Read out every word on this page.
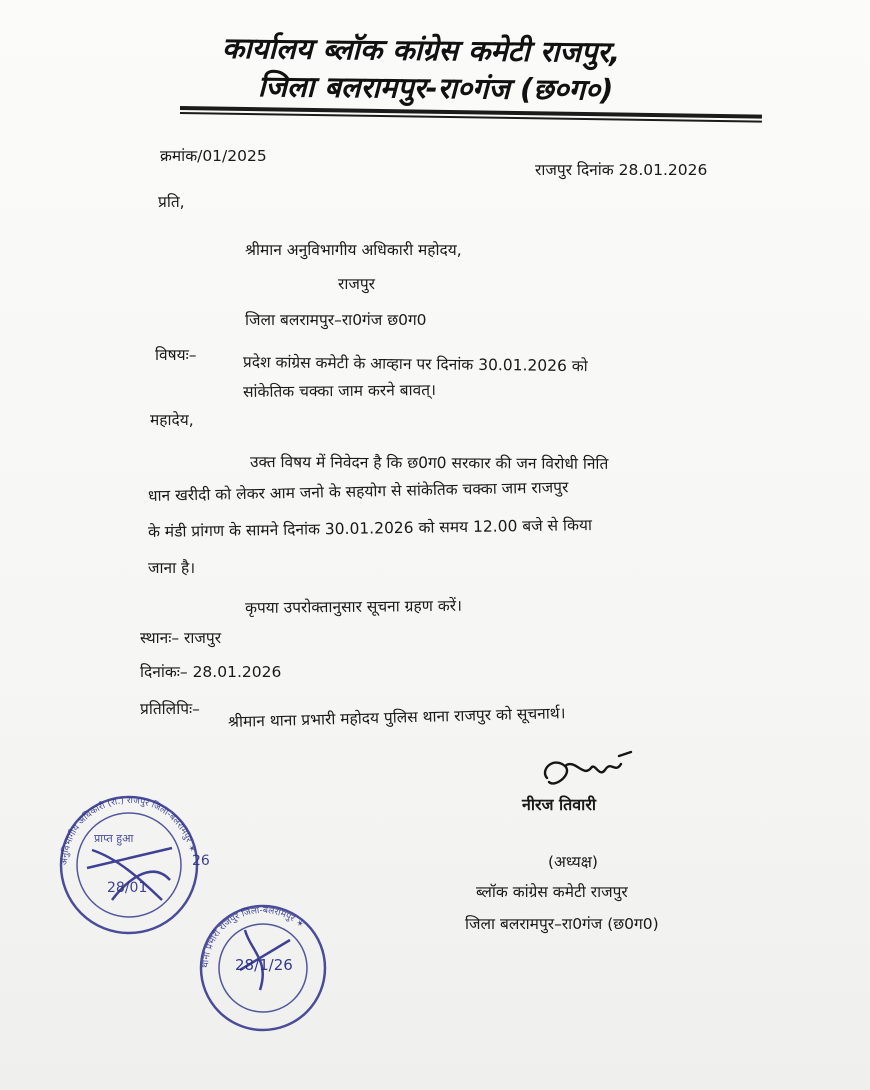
कार्यालय ब्लॉक कांग्रेस कमेटी राजपुर,
जिला बलरामपुर-रा०गंज (छ०ग०)
क्रमांक/01/2025
राजपुर दिनांक 28.01.2026
प्रति,
श्रीमान अनुविभागीय अधिकारी महोदय,
राजपुर
जिला बलरामपुर–रा0गंज छ0ग0
विषयः–	प्रदेश कांग्रेस कमेटी के आव्हान पर दिनांक 30.01.2026 को
सांकेतिक चक्का जाम करने बावत्।
महादेय,
उक्त विषय में निवेदन है कि छ0ग0 सरकार की जन विरोधी निति
धान खरीदी को लेकर आम जनो के सहयोग से सांकेतिक चक्का जाम राजपुर
के मंडी प्रांगण के सामने दिनांक 30.01.2026 को समय 12.00 बजे से किया
जाना है।
कृपया उपरोक्तानुसार सूचना ग्रहण करें।
स्थानः– राजपुर
दिनांकः– 28.01.2026
प्रतिलिपिः– श्रीमान थाना प्रभारी महोदय पुलिस थाना राजपुर को सूचनार्थ।
नीरज तिवारी
(अध्यक्ष)
ब्लॉक कांग्रेस कमेटी राजपुर
जिला बलरामपुर–रा0गंज (छ0ग0)
अनुविभागीय अधिकारी (रा.) राजपुर जिला-बलरामपुर ✶
प्राप्त हुआ
28/01
26
थाना प्रभारी राजपुर जिला-बलरामपुर ✶
28/1/26
